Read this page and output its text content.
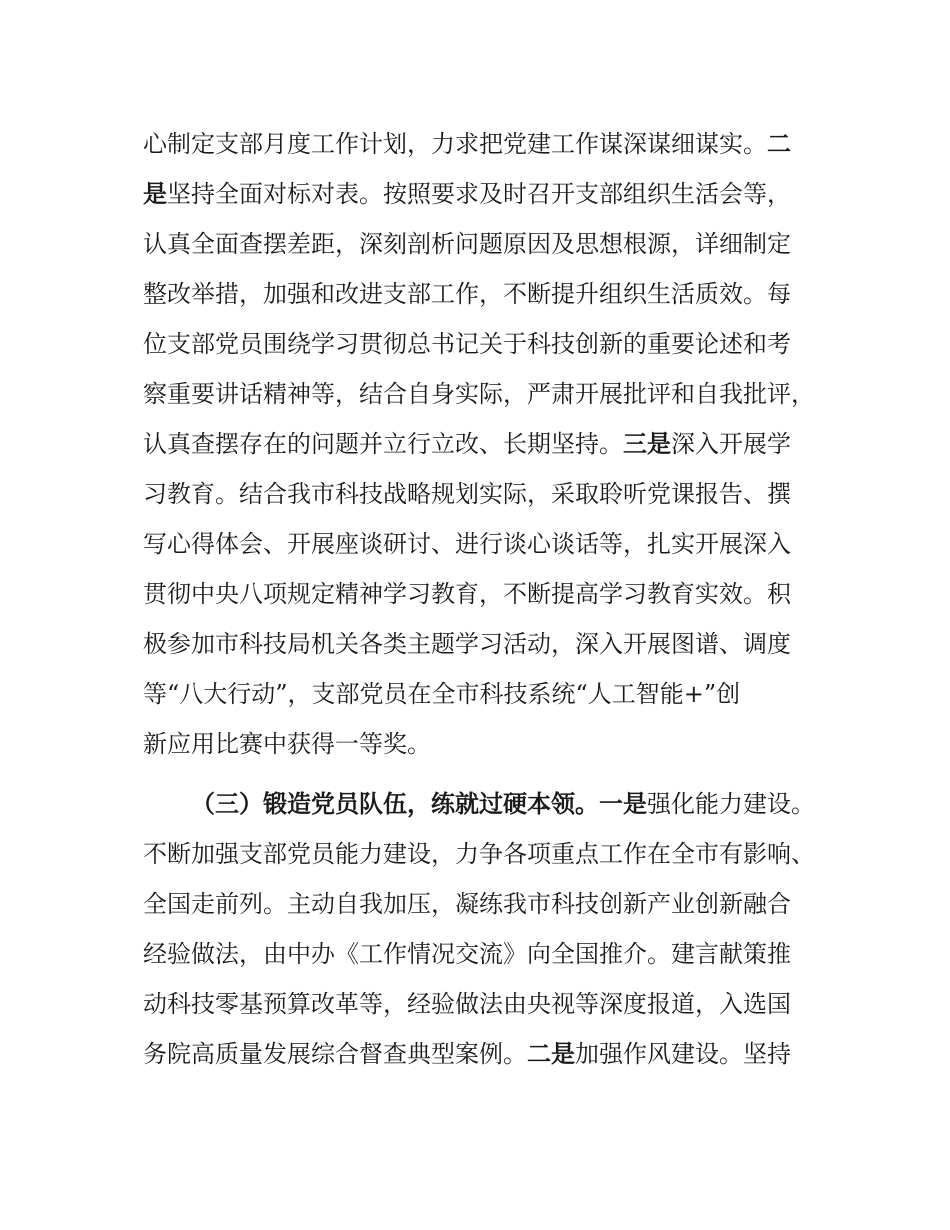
心制定支部月度工作计划，力求把党建工作谋深谋细谋实。二
是坚持全面对标对表。按照要求及时召开支部组织生活会等，
认真全面查摆差距，深刻剖析问题原因及思想根源，详细制定
整改举措，加强和改进支部工作，不断提升组织生活质效。每
位支部党员围绕学习贯彻总书记关于科技创新的重要论述和考
察重要讲话精神等，结合自身实际，严肃开展批评和自我批评，
认真查摆存在的问题并立行立改、长期坚持。三是深入开展学
习教育。结合我市科技战略规划实际，采取聆听党课报告、撰
写心得体会、开展座谈研讨、进行谈心谈话等，扎实开展深入
贯彻中央八项规定精神学习教育，不断提高学习教育实效。积
极参加市科技局机关各类主题学习活动，深入开展图谱、调度
等“八大行动”，支部党员在全市科技系统“人工智能+”创
新应用比赛中获得一等奖。
（三）锻造党员队伍，练就过硬本领。一是强化能力建设。
不断加强支部党员能力建设，力争各项重点工作在全市有影响、
全国走前列。主动自我加压，凝练我市科技创新产业创新融合
经验做法，由中办《工作情况交流》向全国推介。建言献策推
动科技零基预算改革等，经验做法由央视等深度报道，入选国
务院高质量发展综合督查典型案例。二是加强作风建设。坚持
